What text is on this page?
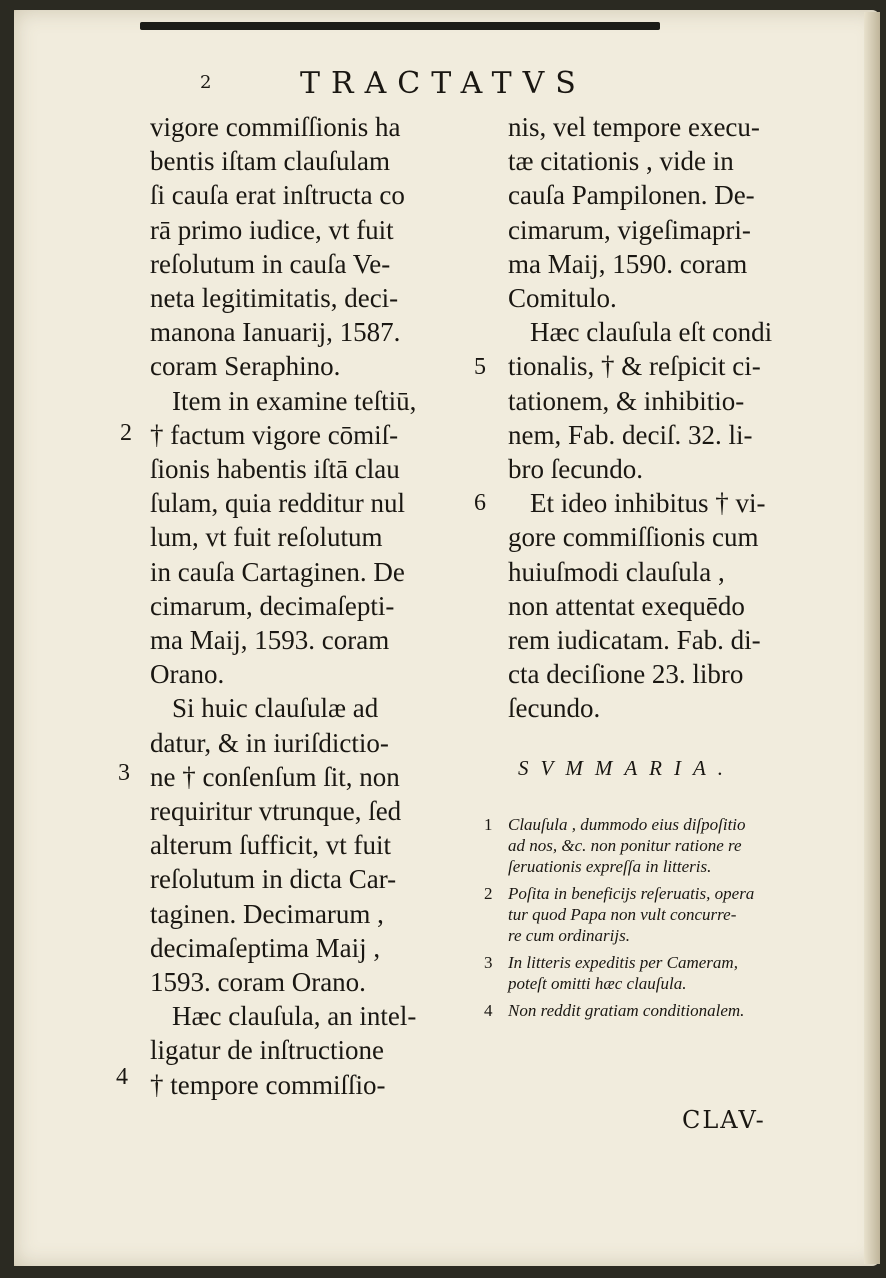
2	TRACTATVS
vigore commiſſionis ha
bentis iſtam clauſulam
ſi cauſa erat inſtructa co
rā primo iudice, vt fuit
reſolutum in cauſa Ve-
neta legitimitatis, deci-
manona Ianuarij, 1587.
coram Seraphino.
Item in examine teſtiū,
† factum vigore cōmiſ-
ſionis habentis iſtā clau
ſulam, quia redditur nul
lum, vt fuit reſolutum
in cauſa Cartaginen. De
cimarum, decimaſepti-
ma Maij, 1593. coram
Orano.
Si huic clauſulæ ad
datur, & in iuriſdictio-
ne † conſenſum ſit, non
requiritur vtrunque, ſed
alterum ſufficit, vt fuit
reſolutum in dicta Car-
taginen. Decimarum ,
decimaſeptima Maij ,
1593. coram Orano.
Hæc clauſula, an intel-
ligatur de inſtructione
† tempore commiſſio-
nis, vel tempore execu-
tæ citationis , vide in
cauſa Pampilonen. De-
cimarum, vigeſimapri-
ma Maij, 1590. coram
Comitulo.
Hæc clauſula eſt condi
tionalis, † & reſpicit ci-
tationem, & inhibitio-
nem, Fab. deciſ. 32. li-
bro ſecundo.
Et ideo inhibitus † vi-
gore commiſſionis cum
huiuſmodi clauſula ,
non attentat exequēdo
rem iudicatam. Fab. di-
cta deciſione 23. libro
ſecundo.
2
3
4
5
6
SVMMARIA.
1 Clauſula , dummodo eius diſpoſitio
ad nos, &c. non ponitur ratione re
ſeruationis expreſſa in litteris.
2 Poſita in beneficijs reſeruatis, opera
tur quod Papa non vult concurre-
re cum ordinarijs.
3 In litteris expeditis per Cameram,
poteſt omitti hæc clauſula.
4 Non reddit gratiam conditionalem.
CLAV-
